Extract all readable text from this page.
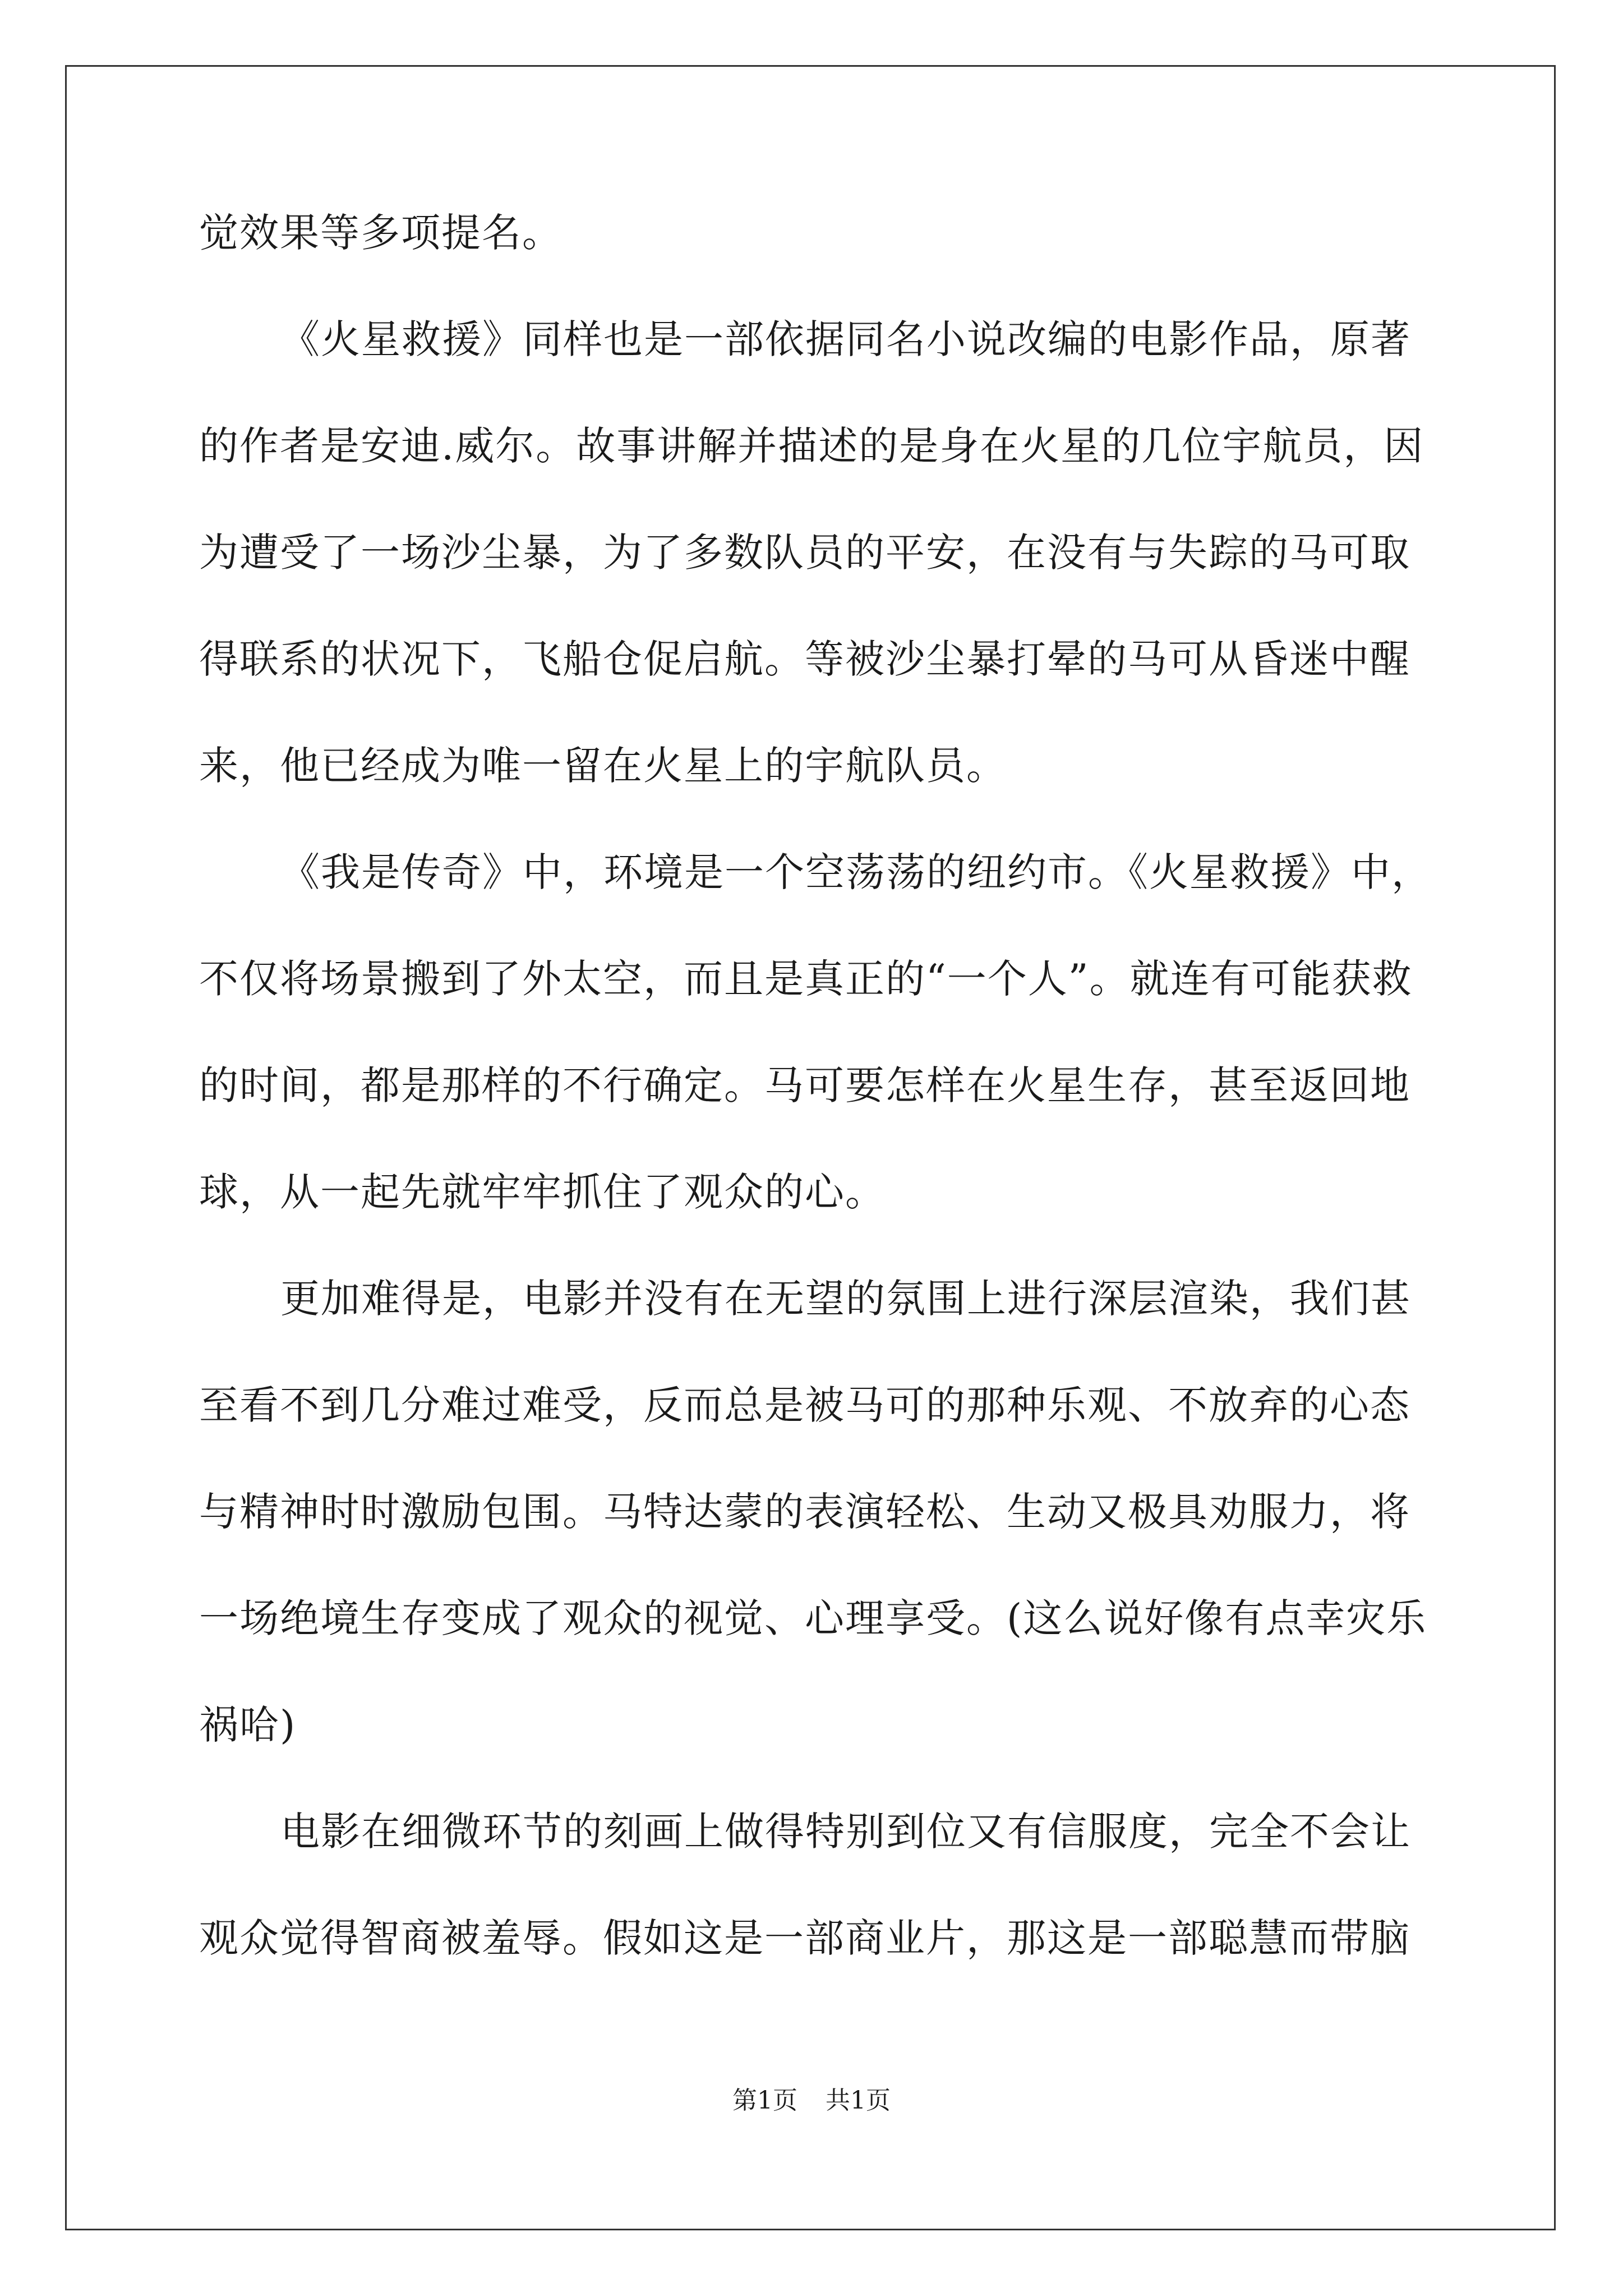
觉效果等多项提名。
《火星救援》同样也是一部依据同名小说改编的电影作品，原著
的作者是安迪.威尔。故事讲解并描述的是身在火星的几位宇航员，因
为遭受了一场沙尘暴，为了多数队员的平安，在没有与失踪的马可取
得联系的状况下，飞船仓促启航。等被沙尘暴打晕的马可从昏迷中醒
来，他已经成为唯一留在火星上的宇航队员。
《我是传奇》中，环境是一个空荡荡的纽约市。《火星救援》中，
不仅将场景搬到了外太空，而且是真正的“一个人”。就连有可能获救
的时间，都是那样的不行确定。马可要怎样在火星生存，甚至返回地
球，从一起先就牢牢抓住了观众的心。
更加难得是，电影并没有在无望的氛围上进行深层渲染，我们甚
至看不到几分难过难受，反而总是被马可的那种乐观、不放弃的心态
与精神时时激励包围。马特达蒙的表演轻松、生动又极具劝服力，将
一场绝境生存变成了观众的视觉、心理享受。(这么说好像有点幸灾乐
祸哈)
电影在细微环节的刻画上做得特别到位又有信服度，完全不会让
观众觉得智商被羞辱。假如这是一部商业片，那这是一部聪慧而带脑
第1页 共1页
